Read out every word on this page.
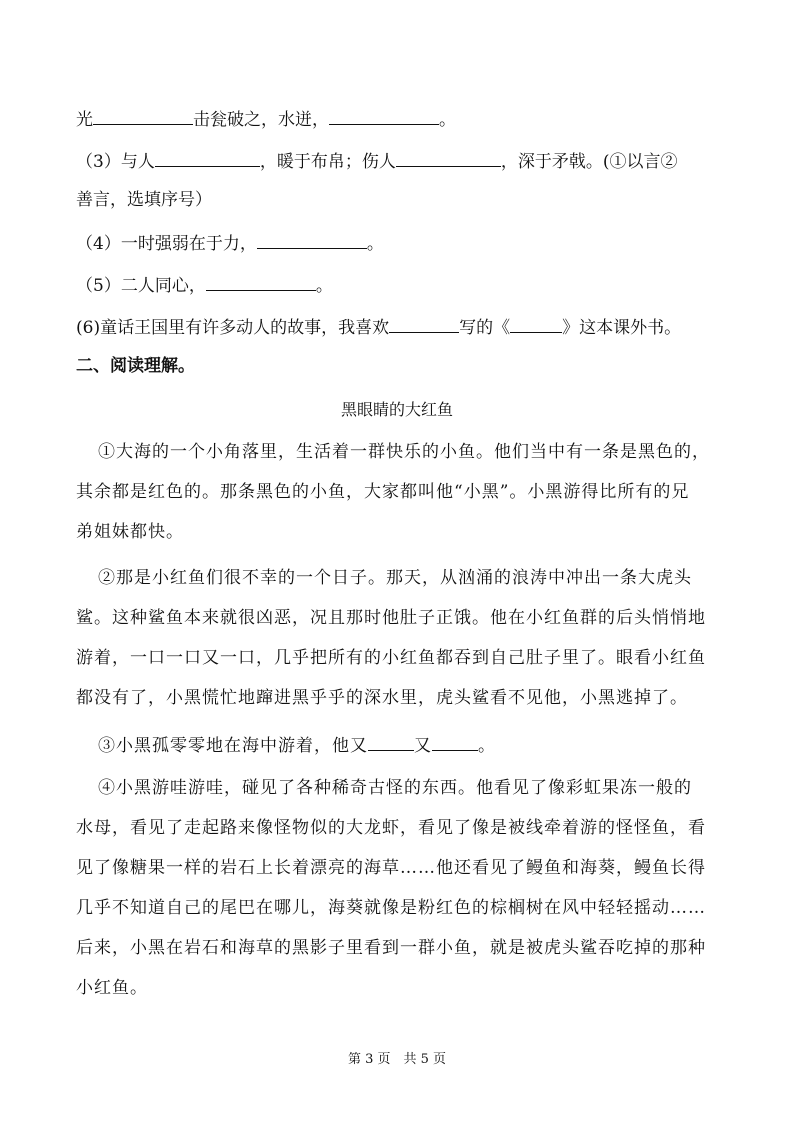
光	击瓮破之，水迸，	。
（3）与人	，暖于布帛；伤人	，深于矛戟。(①以言②
善言，选填序号）
（4）一时强弱在于力，	。
（5）二人同心，	。
(6)童话王国里有许多动人的故事，我喜欢	写的《	》这本课外书。
二、阅读理解。
黑眼睛的大红鱼
①大海的一个小角落里，生活着一群快乐的小鱼。他们当中有一条是黑色的，
其余都是红色的。那条黑色的小鱼，大家都叫他“小黑”。小黑游得比所有的兄
弟姐妹都快。
②那是小红鱼们很不幸的一个日子。那天，从汹涌的浪涛中冲出一条大虎头
鲨。这种鲨鱼本来就很凶恶，况且那时他肚子正饿。他在小红鱼群的后头悄悄地
游着，一口一口又一口，几乎把所有的小红鱼都吞到自己肚子里了。眼看小红鱼
都没有了，小黑慌忙地蹿进黑乎乎的深水里，虎头鲨看不见他，小黑逃掉了。
③小黑孤零零地在海中游着，他又	又	。
④小黑游哇游哇，碰见了各种稀奇古怪的东西。他看见了像彩虹果冻一般的
水母，看见了走起路来像怪物似的大龙虾，看见了像是被线牵着游的怪怪鱼，看
见了像糖果一样的岩石上长着漂亮的海草……他还看见了鳗鱼和海葵，鳗鱼长得
几乎不知道自己的尾巴在哪儿，海葵就像是粉红色的棕榈树在风中轻轻摇动……
后来，小黑在岩石和海草的黑影子里看到一群小鱼，就是被虎头鲨吞吃掉的那种
小红鱼。
第 3 页　共 5 页
